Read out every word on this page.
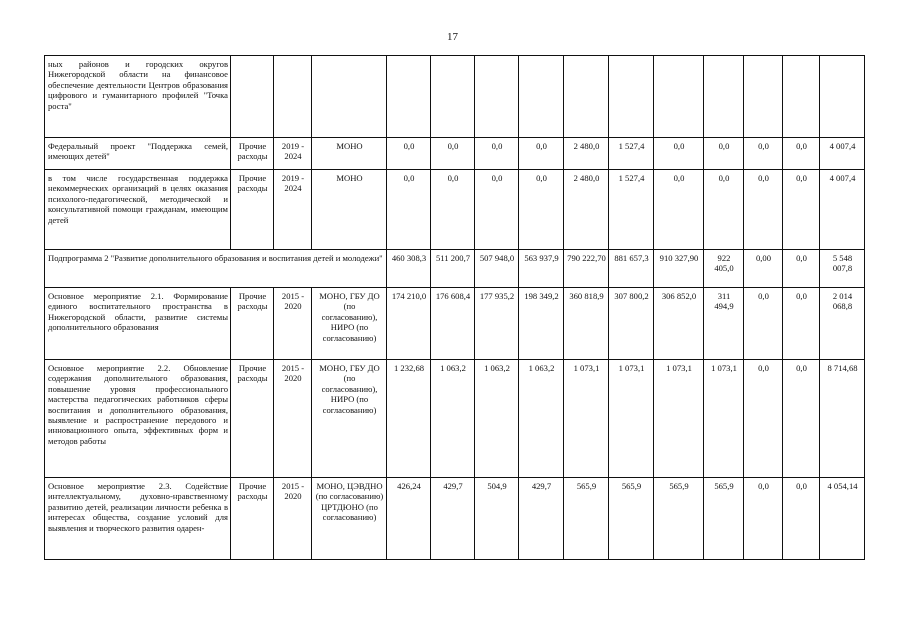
17
ных районов и городских округов Нижегородской области на финансовое обеспечение деятельности Центров образования цифрового и гуманитарного профилей "Точка роста"														
Федеральный проект "Поддержка семей, имеющих детей"	Прочие расходы	2019 - 2024	МОНО	0,0	0,0	0,0	0,0	2 480,0	1 527,4	0,0	0,0	0,0	0,0	4 007,4
в том числе государственная поддержка некоммерческих организаций в целях оказания психолого-педагогической, методической и консультативной помощи гражданам, имеющим детей	Прочие расходы	2019 - 2024	МОНО	0,0	0,0	0,0	0,0	2 480,0	1 527,4	0,0	0,0	0,0	0,0	4 007,4
Подпрограмма 2 "Развитие дополнительного образования и воспитания детей и молодежи"				460 308,3	511 200,7	507 948,0	563 937,9	790 222,70	881 657,3	910 327,90	922 405,0	0,00	0,0	5 548 007,8
Основное мероприятие 2.1. Формирование единого воспитательного пространства в Нижегородской области, развитие системы дополнительного образования	Прочие расходы	2015 - 2020	МОНО, ГБУ ДО (по согласованию), НИРО (по согласованию)	174 210,0	176 608,4	177 935,2	198 349,2	360 818,9	307 800,2	306 852,0	311 494,9	0,0	0,0	2 014 068,8
Основное мероприятие 2.2. Обновление содержания дополнительного образования, повышение уровня профессионального мастерства педагогических работников сферы воспитания и дополнительного образования, выявление и распространение передового и инновационного опыта, эффективных форм и методов работы	Прочие расходы	2015 - 2020	МОНО, ГБУ ДО (по согласованию), НИРО (по согласованию)	1 232,68	1 063,2	1 063,2	1 063,2	1 073,1	1 073,1	1 073,1	1 073,1	0,0	0,0	8 714,68
Основное мероприятие 2.3. Содействие интеллектуальному, духовно-нравственному развитию детей, реализации личности ребенка в интересах общества, создание условий для выявления и творческого развития одарен-	Прочие расходы	2015 - 2020	МОНО, ЦЭВДНО (по согласованию) ЦРТДЮНО (по согласованию)	426,24	429,7	504,9	429,7	565,9	565,9	565,9	565,9	0,0	0,0	4 054,14
